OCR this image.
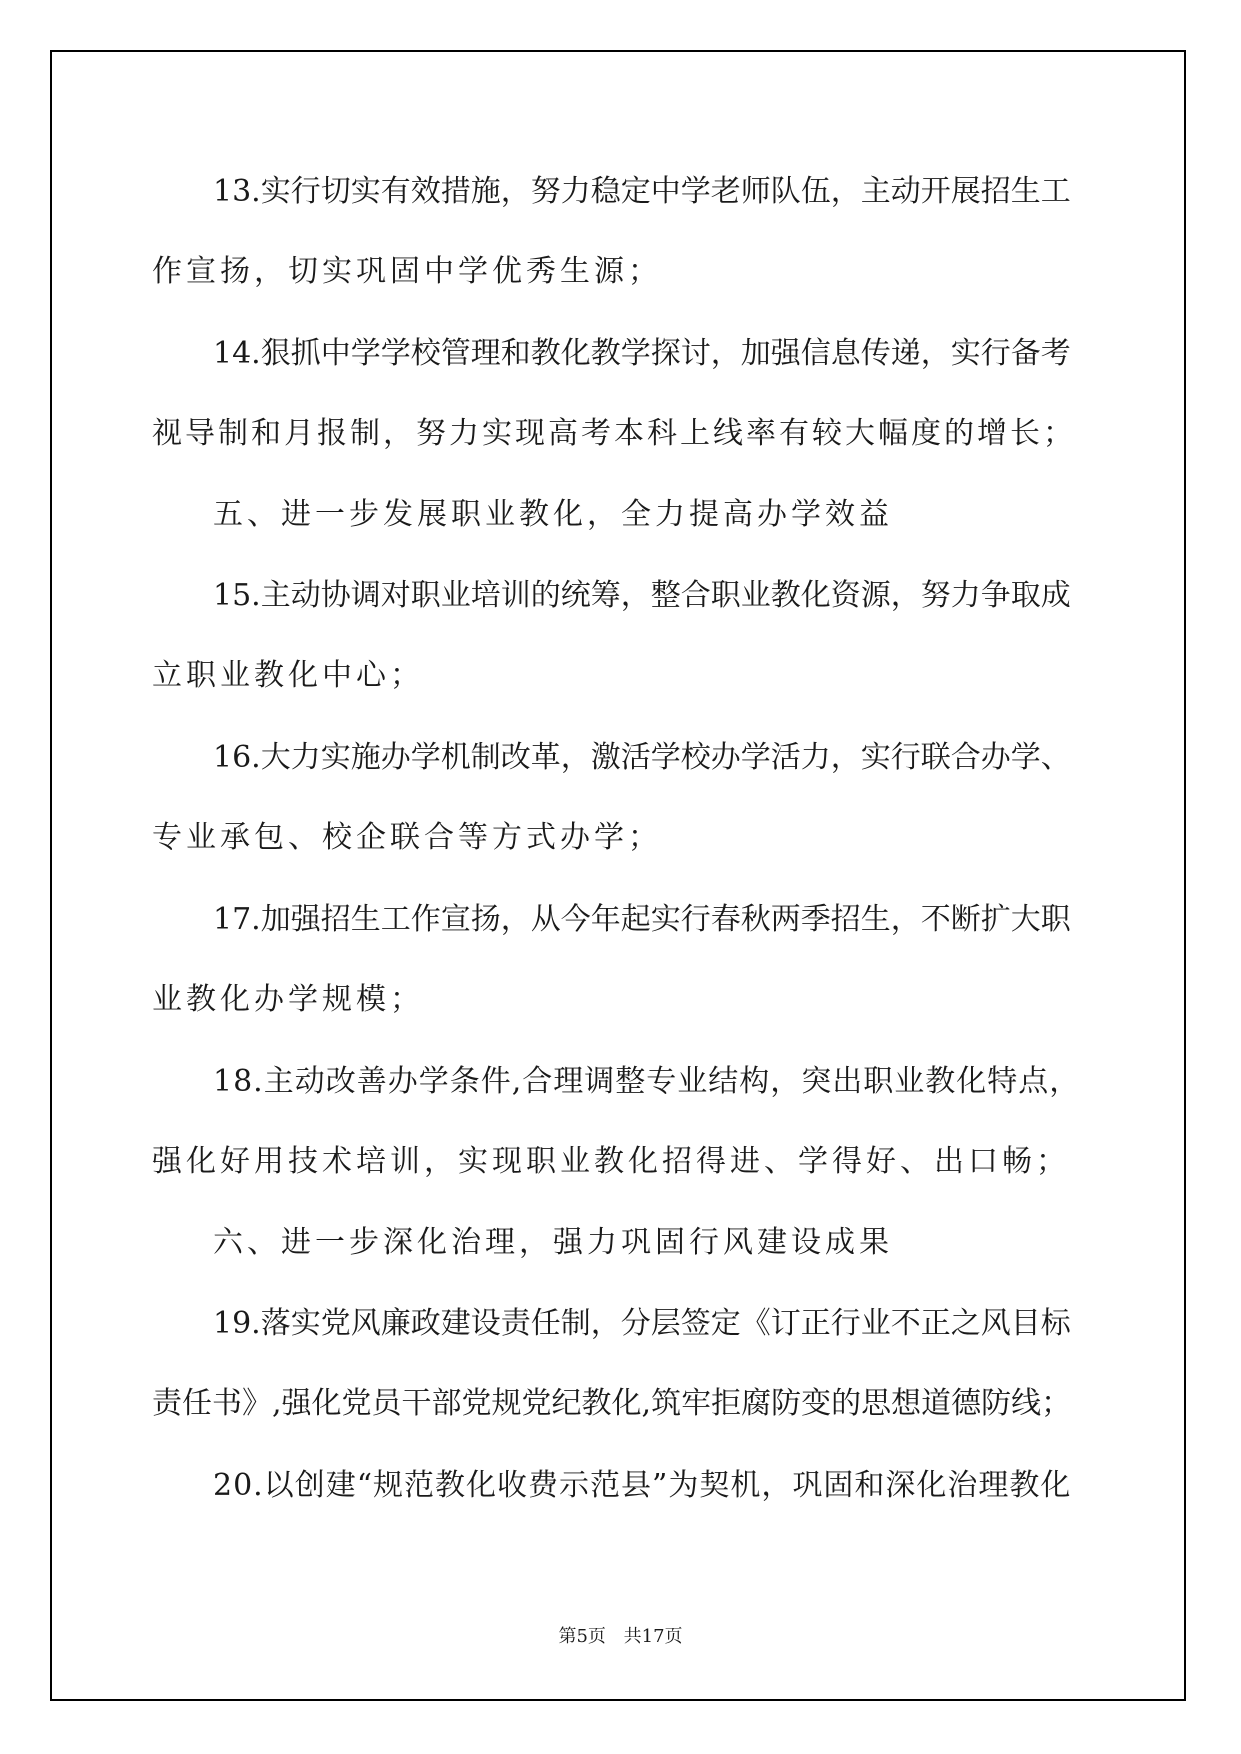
13.实行切实有效措施，努力稳定中学老师队伍，主动开展招生工

作宣扬，切实巩固中学优秀生源；

14.狠抓中学学校管理和教化教学探讨，加强信息传递，实行备考

视导制和月报制，努力实现高考本科上线率有较大幅度的增长；

五、进一步发展职业教化，全力提高办学效益

15.主动协调对职业培训的统筹，整合职业教化资源，努力争取成

立职业教化中心；

16.大力实施办学机制改革，激活学校办学活力，实行联合办学、

专业承包、校企联合等方式办学；

17.加强招生工作宣扬，从今年起实行春秋两季招生，不断扩大职

业教化办学规模；

18.主动改善办学条件,合理调整专业结构，突出职业教化特点，

强化好用技术培训，实现职业教化招得进、学得好、出口畅；

六、进一步深化治理，强力巩固行风建设成果

19.落实党风廉政建设责任制，分层签定《订正行业不正之风目标

责任书》,强化党员干部党规党纪教化,筑牢拒腐防变的思想道德防线；

20.以创建“规范教化收费示范县”为契机，巩固和深化治理教化

第5页 共17页
